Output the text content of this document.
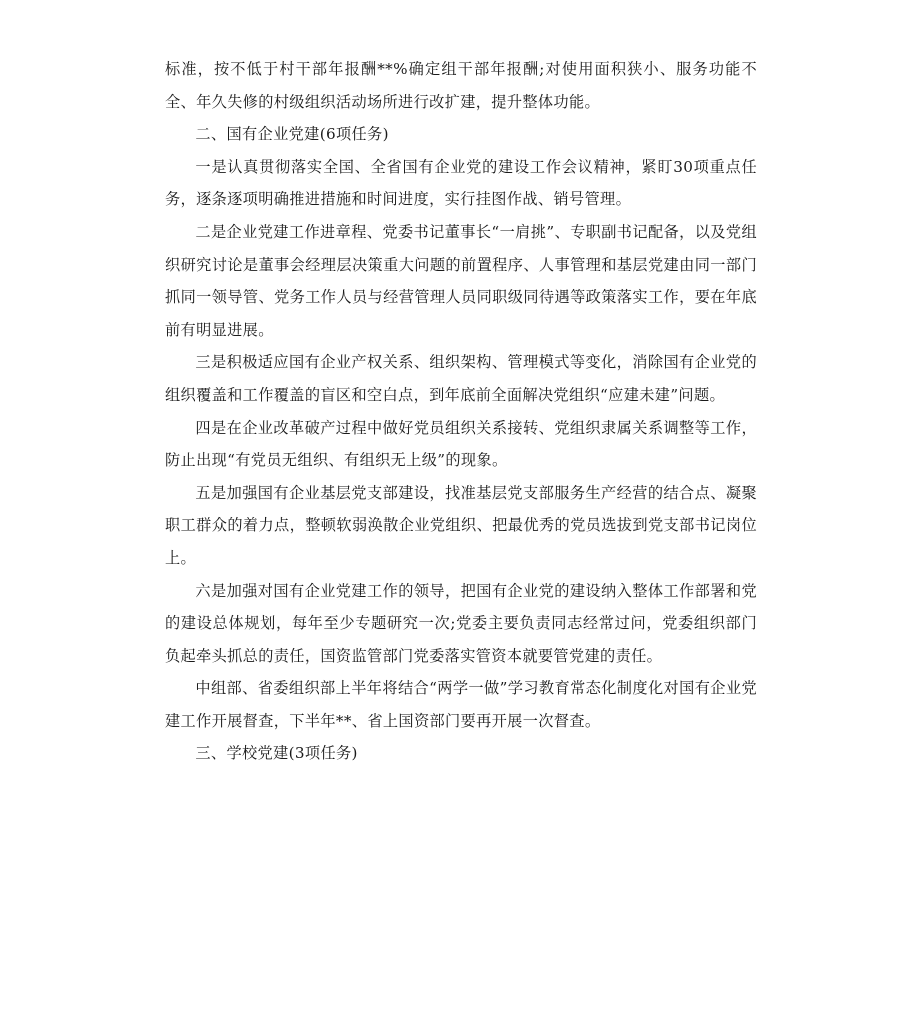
标准，按不低于村干部年报酬**%确定组干部年报酬;对使用面积狭小、服务功能不全、年久失修的村级组织活动场所进行改扩建，提升整体功能。

二、国有企业党建(6项任务)

一是认真贯彻落实全国、全省国有企业党的建设工作会议精神，紧盯30项重点任务，逐条逐项明确推进措施和时间进度，实行挂图作战、销号管理。

二是企业党建工作进章程、党委书记董事长“一肩挑”、专职副书记配备，以及党组织研究讨论是董事会经理层决策重大问题的前置程序、人事管理和基层党建由同一部门抓同一领导管、党务工作人员与经营管理人员同职级同待遇等政策落实工作，要在年底前有明显进展。

三是积极适应国有企业产权关系、组织架构、管理模式等变化，消除国有企业党的组织覆盖和工作覆盖的盲区和空白点，到年底前全面解决党组织“应建未建”问题。

四是在企业改革破产过程中做好党员组织关系接转、党组织隶属关系调整等工作，防止出现“有党员无组织、有组织无上级”的现象。

五是加强国有企业基层党支部建设，找准基层党支部服务生产经营的结合点、凝聚职工群众的着力点，整顿软弱涣散企业党组织、把最优秀的党员选拔到党支部书记岗位上。

六是加强对国有企业党建工作的领导，把国有企业党的建设纳入整体工作部署和党的建设总体规划，每年至少专题研究一次;党委主要负责同志经常过问，党委组织部门负起牵头抓总的责任，国资监管部门党委落实管资本就要管党建的责任。

中组部、省委组织部上半年将结合“两学一做”学习教育常态化制度化对国有企业党建工作开展督查，下半年**、省上国资部门要再开展一次督查。

三、学校党建(3项任务)
